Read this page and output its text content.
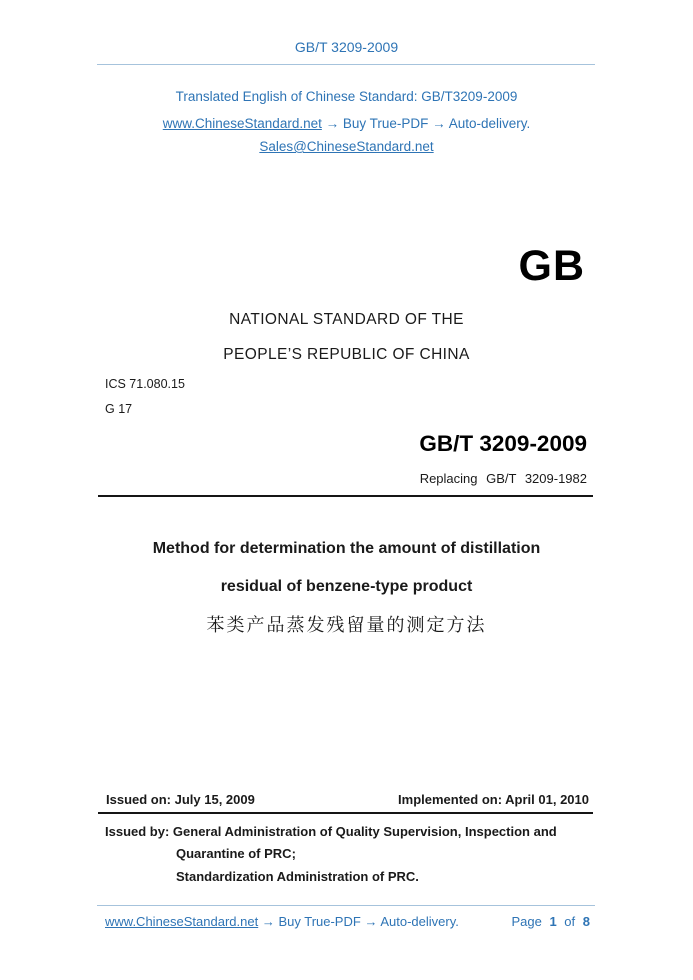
GB/T 3209-2009
Translated English of Chinese Standard: GB/T3209-2009
www.ChineseStandard.net → Buy True-PDF → Auto-delivery.
Sales@ChineseStandard.net
GB
NATIONAL STANDARD OF THE
PEOPLE’S REPUBLIC OF CHINA
ICS 71.080.15
G 17
GB/T 3209-2009
Replacing GB/T 3209-1982
Method for determination the amount of distillation
residual of benzene-type product
苯类产品蒸发残留量的测定方法
Issued on: July 15, 2009	Implemented on: April 01, 2010
Issued by: General Administration of Quality Supervision, Inspection and
Quarantine of PRC;
Standardization Administration of PRC.
www.ChineseStandard.net → Buy True-PDF → Auto-delivery.	Page 1 of 8
